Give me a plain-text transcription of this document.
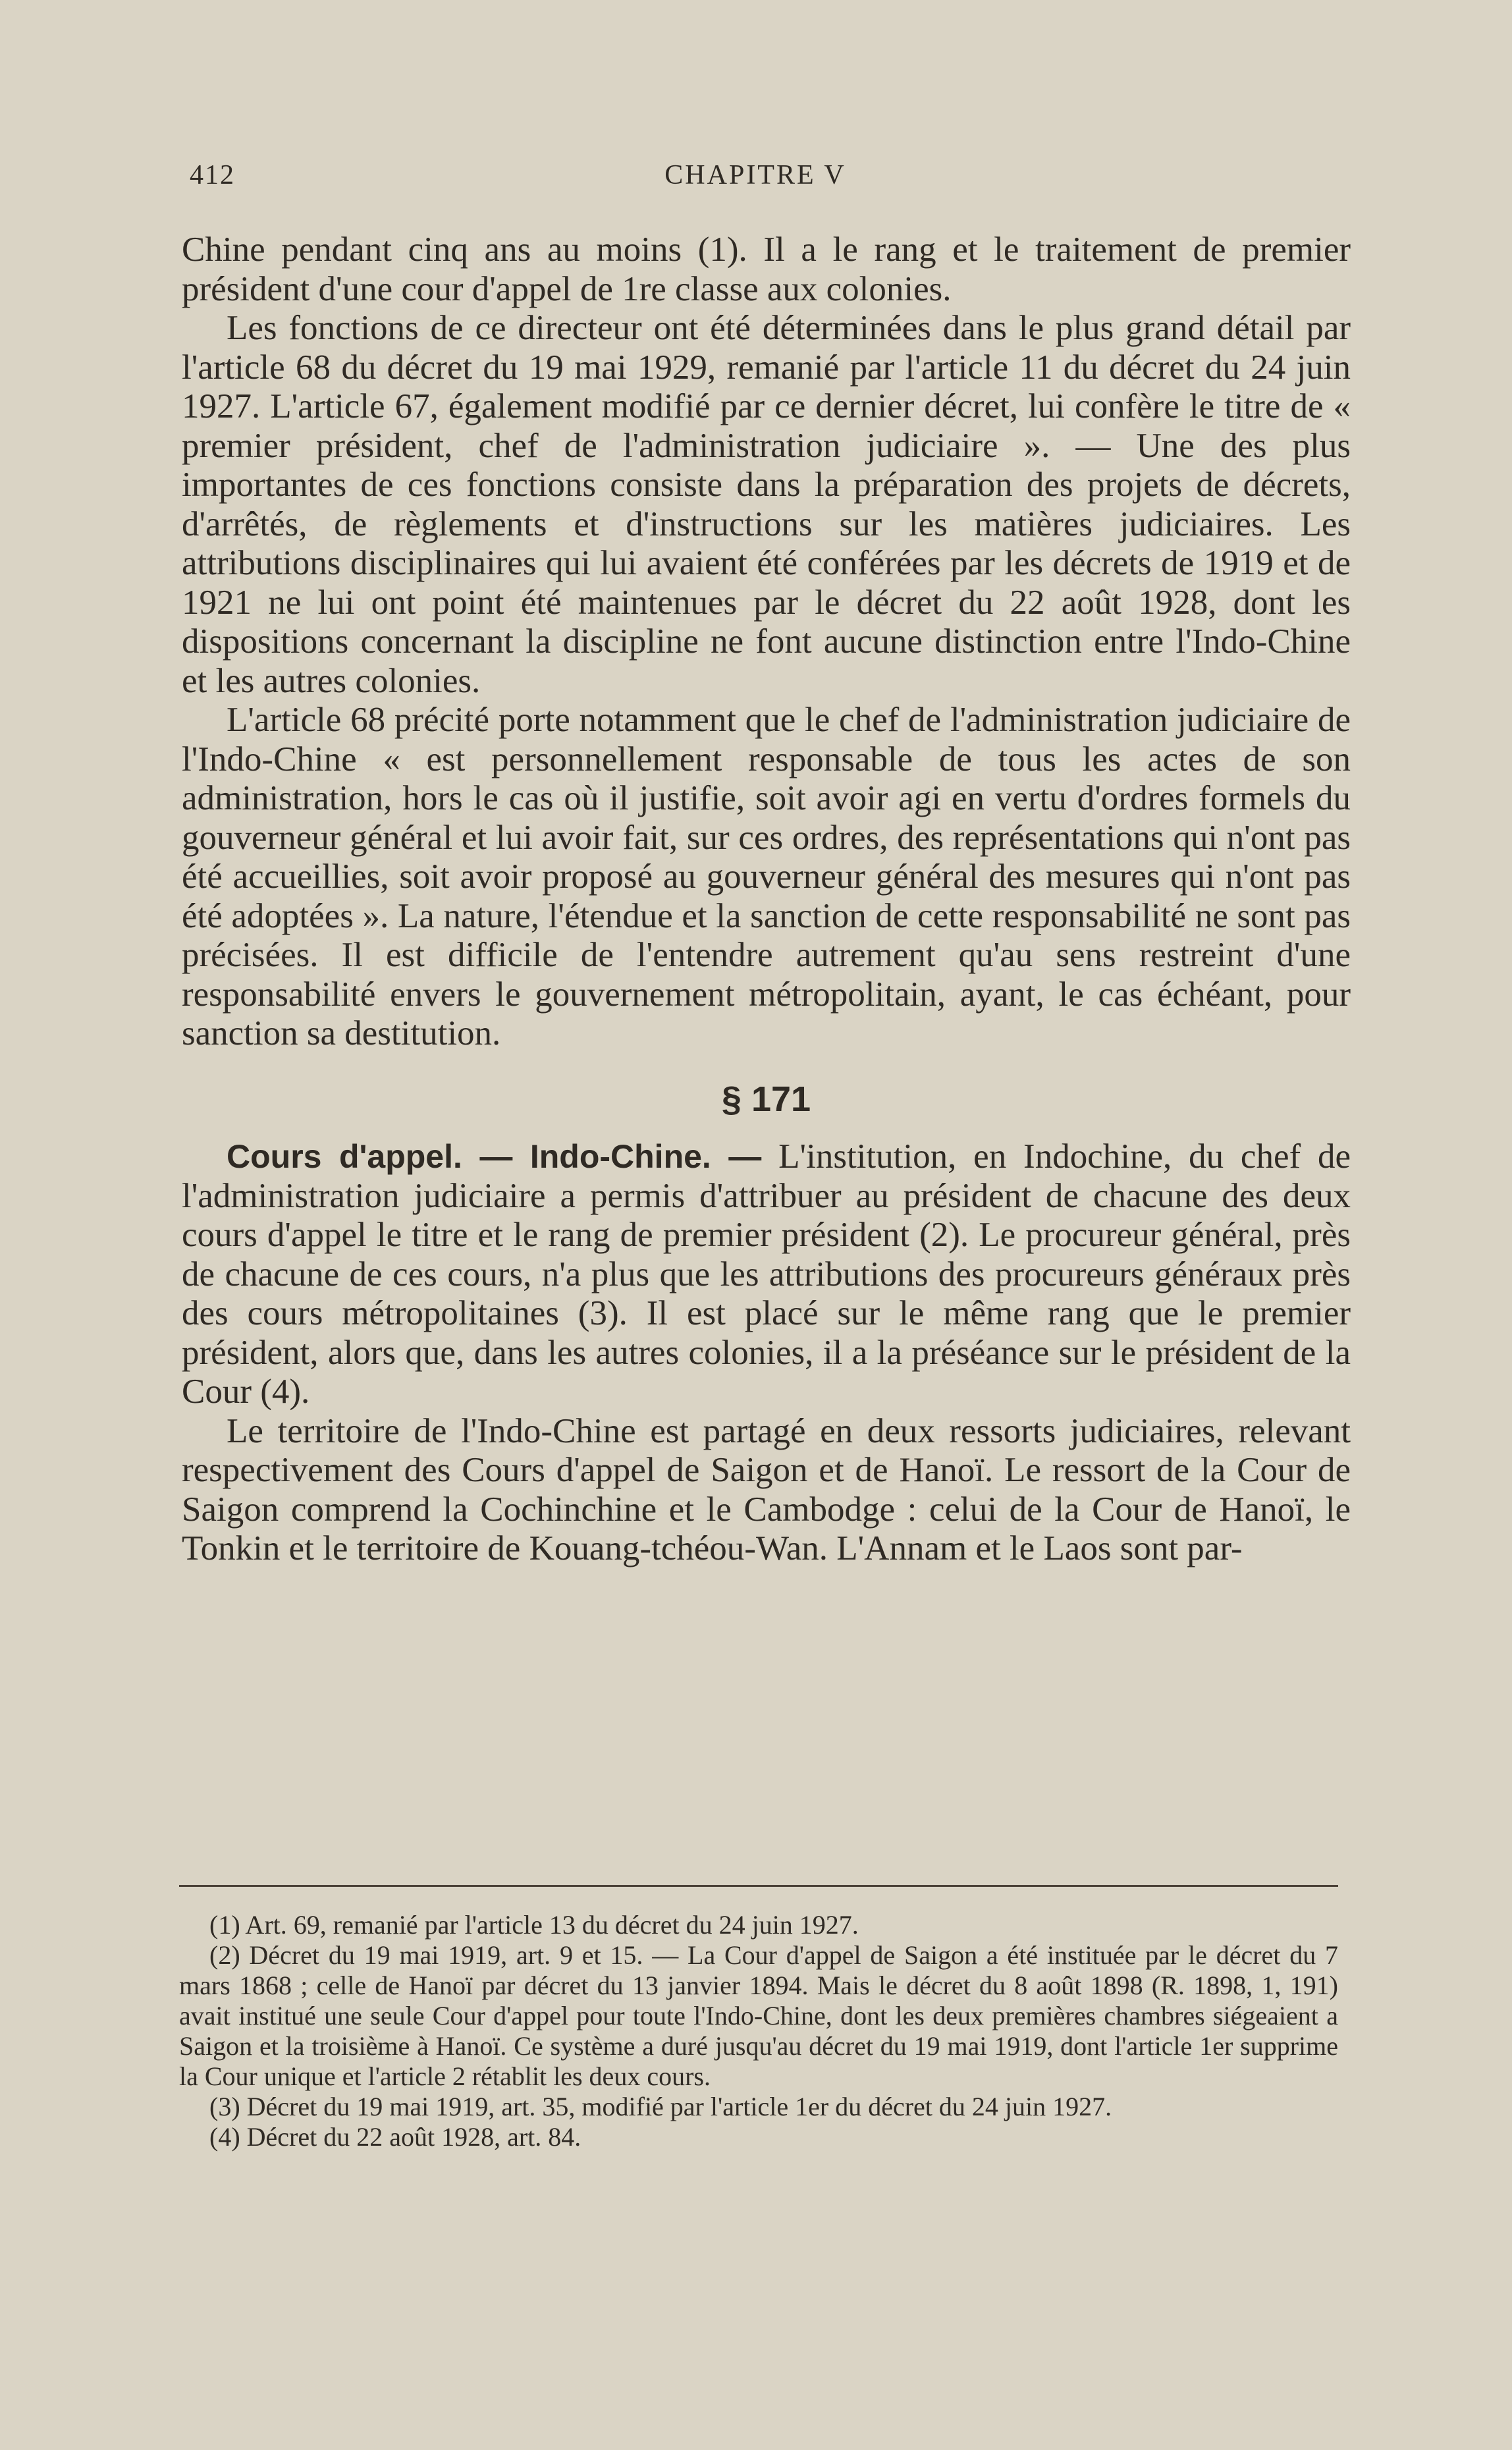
412	CHAPITRE V

Chine pendant cinq ans au moins (1). Il a le rang et le traitement de premier président d'une cour d'appel de 1re classe aux colonies.

Les fonctions de ce directeur ont été déterminées dans le plus grand détail par l'article 68 du décret du 19 mai 1929, remanié par l'article 11 du décret du 24 juin 1927. L'article 67, également modifié par ce dernier décret, lui confère le titre de « premier président, chef de l'administration judiciaire ». — Une des plus importantes de ces fonctions consiste dans la préparation des projets de décrets, d'arrêtés, de règlements et d'instructions sur les matières judiciaires. Les attributions disciplinaires qui lui avaient été conférées par les décrets de 1919 et de 1921 ne lui ont point été maintenues par le décret du 22 août 1928, dont les dispositions concernant la discipline ne font aucune distinction entre l'Indo-Chine et les autres colonies.

L'article 68 précité porte notamment que le chef de l'administration judiciaire de l'Indo-Chine « est personnellement responsable de tous les actes de son administration, hors le cas où il justifie, soit avoir agi en vertu d'ordres formels du gouverneur général et lui avoir fait, sur ces ordres, des représentations qui n'ont pas été accueillies, soit avoir proposé au gouverneur général des mesures qui n'ont pas été adoptées ». La nature, l'étendue et la sanction de cette responsabilité ne sont pas précisées. Il est difficile de l'entendre autrement qu'au sens restreint d'une responsabilité envers le gouvernement métropolitain, ayant, le cas échéant, pour sanction sa destitution.

§ 171

Cours d'appel. — Indo-Chine. — L'institution, en Indochine, du chef de l'administration judiciaire a permis d'attribuer au président de chacune des deux cours d'appel le titre et le rang de premier président (2). Le procureur général, près de chacune de ces cours, n'a plus que les attributions des procureurs généraux près des cours métropolitaines (3). Il est placé sur le même rang que le premier président, alors que, dans les autres colonies, il a la préséance sur le président de la Cour (4).

Le territoire de l'Indo-Chine est partagé en deux ressorts judiciaires, relevant respectivement des Cours d'appel de Saigon et de Hanoï. Le ressort de la Cour de Saigon comprend la Cochinchine et le Cambodge : celui de la Cour de Hanoï, le Tonkin et le territoire de Kouang-tchéou-Wan. L'Annam et le Laos sont par-

(1) Art. 69, remanié par l'article 13 du décret du 24 juin 1927.

(2) Décret du 19 mai 1919, art. 9 et 15. — La Cour d'appel de Saigon a été instituée par le décret du 7 mars 1868 ; celle de Hanoï par décret du 13 janvier 1894. Mais le décret du 8 août 1898 (R. 1898, 1, 191) avait institué une seule Cour d'appel pour toute l'Indo-Chine, dont les deux premières chambres siégeaient a Saigon et la troisième à Hanoï. Ce système a duré jusqu'au décret du 19 mai 1919, dont l'article 1er supprime la Cour unique et l'article 2 rétablit les deux cours.

(3) Décret du 19 mai 1919, art. 35, modifié par l'article 1er du décret du 24 juin 1927.

(4) Décret du 22 août 1928, art. 84.
